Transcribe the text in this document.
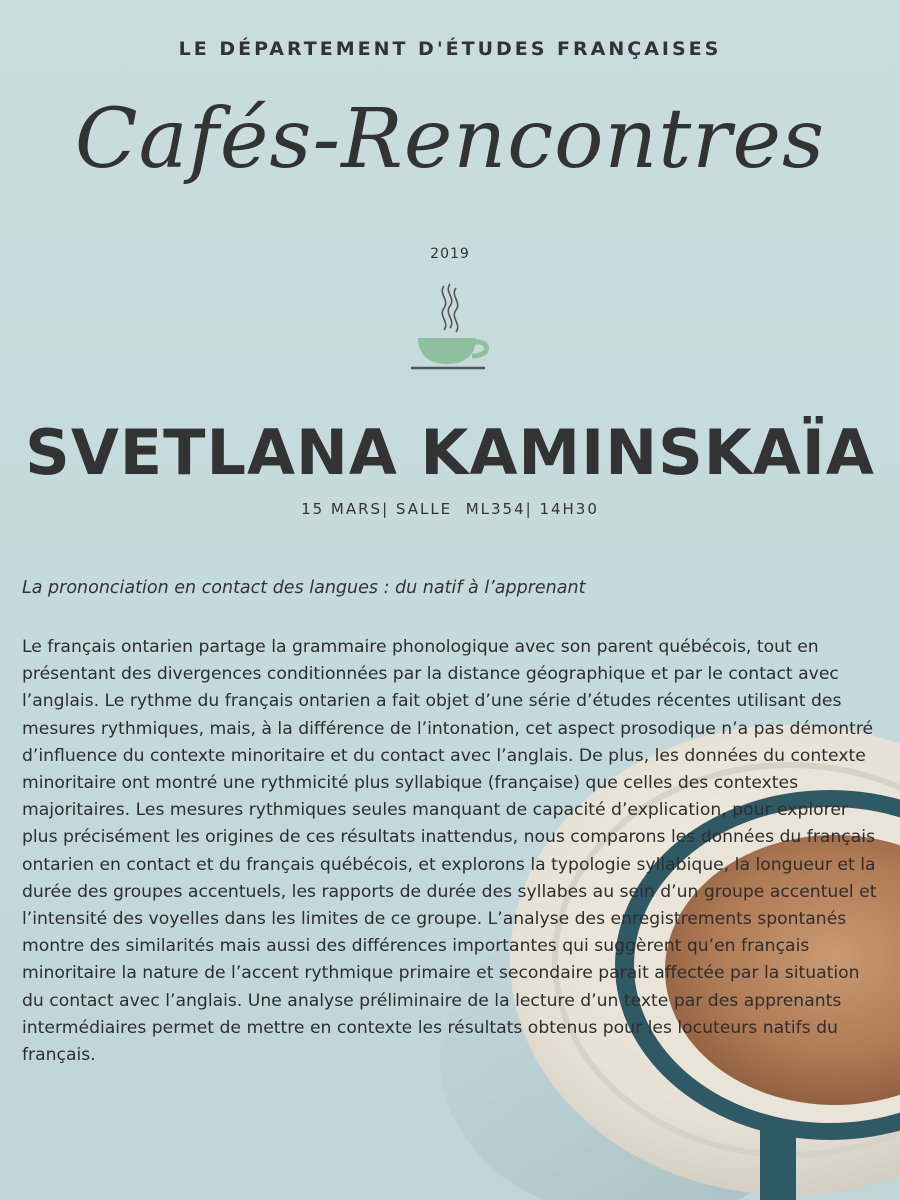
LE DÉPARTEMENT D'ÉTUDES FRANÇAISES
Cafés-Rencontres
2019
SVETLANA KAMINSKAÏA
15 MARS| SALLE  ML354| 14H30
La prononciation en contact des langues : du natif à l’apprenant
Le français ontarien partage la grammaire phonologique avec son parent québécois, tout en présentant des divergences conditionnées par la distance géographique et par le contact avec l’anglais. Le rythme du français ontarien a fait objet d’une série d’études récentes utilisant des mesures rythmiques, mais, à la différence de l’intonation, cet aspect prosodique n’a pas démontré d’influence du contexte minoritaire et du contact avec l’anglais. De plus, les données du contexte minoritaire ont montré une rythmicité plus syllabique (française) que celles des contextes majoritaires. Les mesures rythmiques seules manquant de capacité d’explication, pour explorer plus précisément les origines de ces résultats inattendus, nous comparons les données du français ontarien en contact et du français québécois, et explorons la typologie syllabique, la longueur et la durée des groupes accentuels, les rapports de durée des syllabes au sein d’un groupe accentuel et l’intensité des voyelles dans les limites de ce groupe. L’analyse des enregistrements spontanés montre des similarités mais aussi des différences importantes qui suggèrent qu’en français minoritaire la nature de l’accent rythmique primaire et secondaire parait affectée par la situation du contact avec l’anglais. Une analyse préliminaire de la lecture d’un texte par des apprenants intermédiaires permet de mettre en contexte les résultats obtenus pour les locuteurs natifs du français.
